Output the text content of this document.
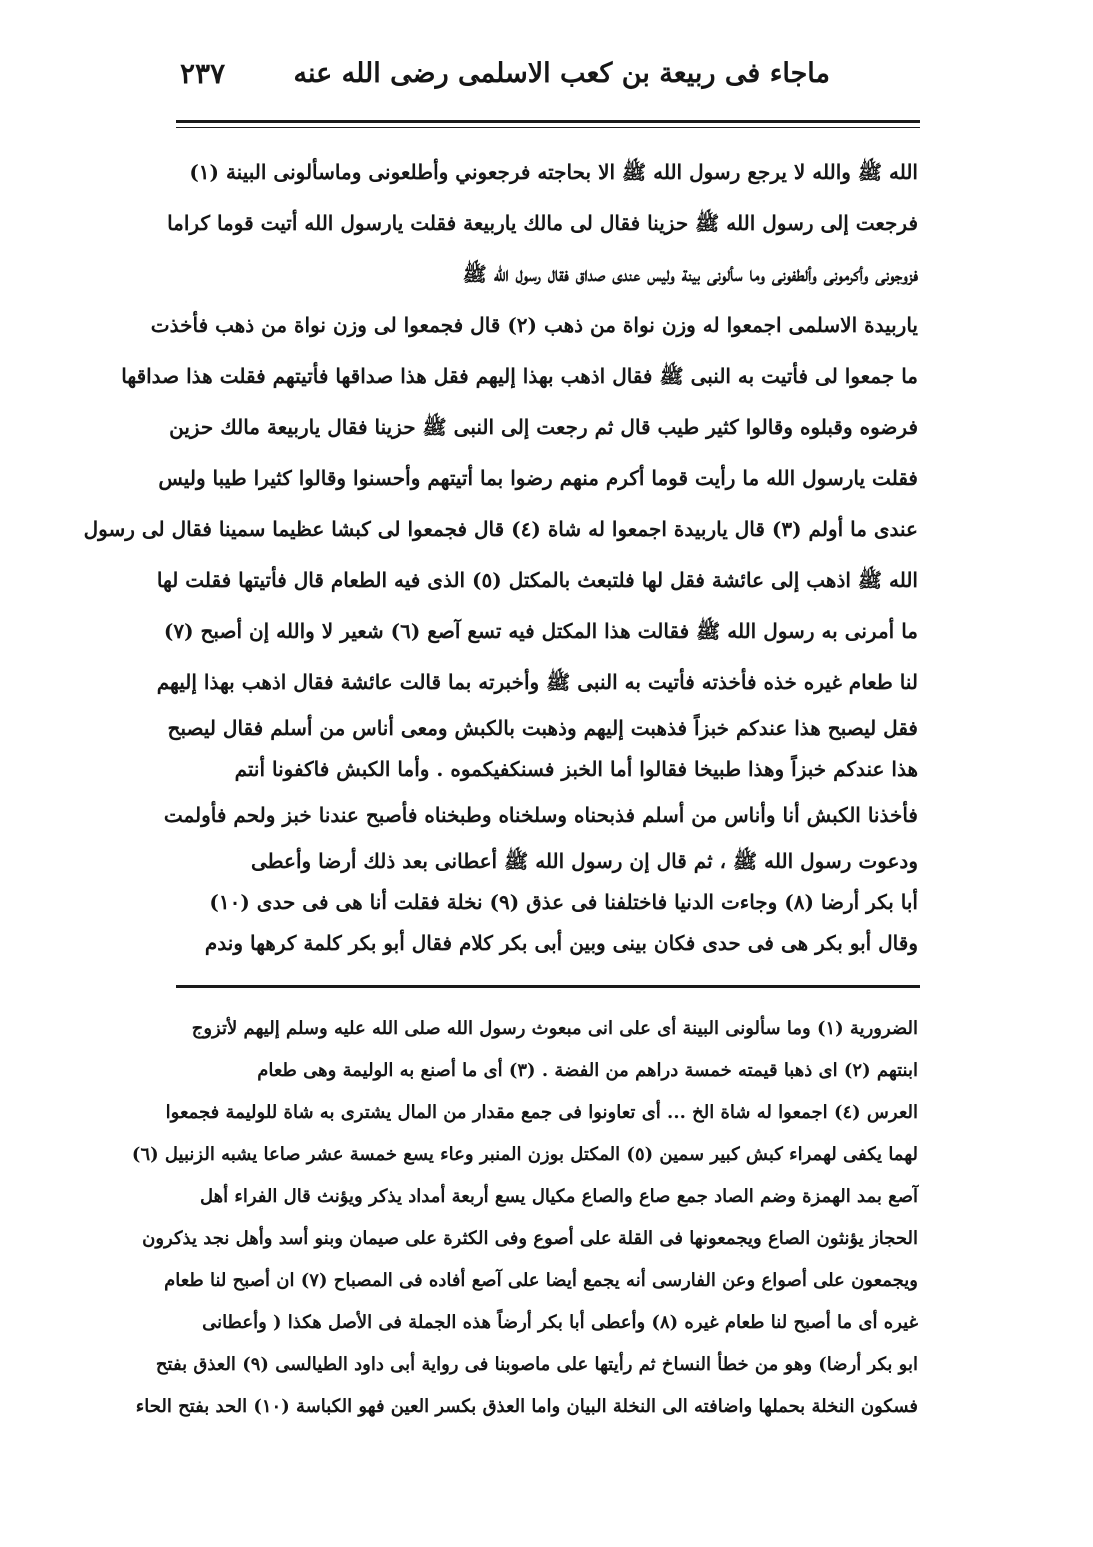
ماجاء فى ربيعة بن كعب الاسلمى رضى الله عنه
٢٣٧
الله ﷺ والله لا يرجع رسول الله ﷺ الا بحاجته فرجعوني وأطلعونى وماسألونى البينة (١)
فرجعت إلى رسول الله ﷺ حزينا فقال لى مالك ياربيعة فقلت يارسول الله أتيت قوما كراما
فزوجونى وأكرمونى وألطفونى وما سألونى بينة وليس عندى صداق فقال رسول الله ﷺ
ياربيدة الاسلمى اجمعوا له وزن نواة من ذهب (٢) قال فجمعوا لى وزن نواة من ذهب فأخذت
ما جمعوا لى فأتيت به النبى ﷺ فقال اذهب بهذا إليهم فقل هذا صداقها فأتيتهم فقلت هذا صداقها
فرضوه وقبلوه وقالوا كثير طيب قال ثم رجعت إلى النبى ﷺ حزينا فقال ياربيعة مالك حزين
فقلت يارسول الله ما رأيت قوما أكرم منهم رضوا بما أتيتهم وأحسنوا وقالوا كثيرا طيبا وليس
عندى ما أولم (٣) قال ياربيدة اجمعوا له شاة (٤) قال فجمعوا لى كبشا عظيما سمينا فقال لى رسول
الله ﷺ اذهب إلى عائشة فقل لها فلتبعث بالمكتل (٥) الذى فيه الطعام قال فأتيتها فقلت لها
ما أمرنى به رسول الله ﷺ فقالت هذا المكتل فيه تسع آصع (٦) شعير لا والله إن أصبح (٧)
لنا طعام غيره خذه فأخذته فأتيت به النبى ﷺ وأخبرته بما قالت عائشة فقال اذهب بهذا إليهم
فقل ليصبح هذا عندكم خبزاً فذهبت إليهم وذهبت بالكبش ومعى أناس من أسلم فقال ليصبح
هذا عندكم خبزاً وهذا طبيخا فقالوا أما الخبز فسنكفيكموه . وأما الكبش فاكفونا أنتم
فأخذنا الكبش أنا وأناس من أسلم فذبحناه وسلخناه وطبخناه فأصبح عندنا خبز ولحم فأولمت
ودعوت رسول الله ﷺ ، ثم قال إن رسول الله ﷺ أعطانى بعد ذلك أرضا وأعطى
أبا بكر أرضا (٨) وجاءت الدنيا فاختلفنا فى عذق (٩) نخلة فقلت أنا هى فى حدى (١٠)
وقال أبو بكر هى فى حدى فكان بينى وبين أبى بكر كلام فقال أبو بكر كلمة كرهها وندم
الضرورية (١) وما سألونى البينة أى على انى مبعوث رسول الله صلى الله عليه وسلم إليهم لأتزوج
ابنتهم (٢) اى ذهبا قيمته خمسة دراهم من الفضة . (٣) أى ما أصنع به الوليمة وهى طعام
العرس (٤) اجمعوا له شاة الخ ... أى تعاونوا فى جمع مقدار من المال يشترى به شاة للوليمة فجمعوا
لهما يكفى لهمراء كبش كبير سمين (٥) المكتل بوزن المنبر وعاء يسع خمسة عشر صاعا يشبه الزنبيل (٦)
آصع بمد الهمزة وضم الصاد جمع صاع والصاع مكيال يسع أربعة أمداد يذكر ويؤنث قال الفراء أهل
الحجاز يؤنثون الصاع ويجمعونها فى القلة على أصوع وفى الكثرة على صيمان وبنو أسد وأهل نجد يذكرون
ويجمعون على أصواع وعن الفارسى أنه يجمع أيضا على آصع أفاده فى المصباح (٧) ان أصبح لنا طعام
غيره أى ما أصبح لنا طعام غيره (٨) وأعطى أبا بكر أرضاً هذه الجملة فى الأصل هكذا ( وأعطانى
ابو بكر أرضا) وهو من خطأ النساخ ثم رأيتها على ماصوبنا فى رواية أبى داود الطيالسى (٩) العذق بفتح
فسكون النخلة بحملها واضافته الى النخلة البيان واما العذق بكسر العين فهو الكباسة (١٠) الحد بفتح الحاء
